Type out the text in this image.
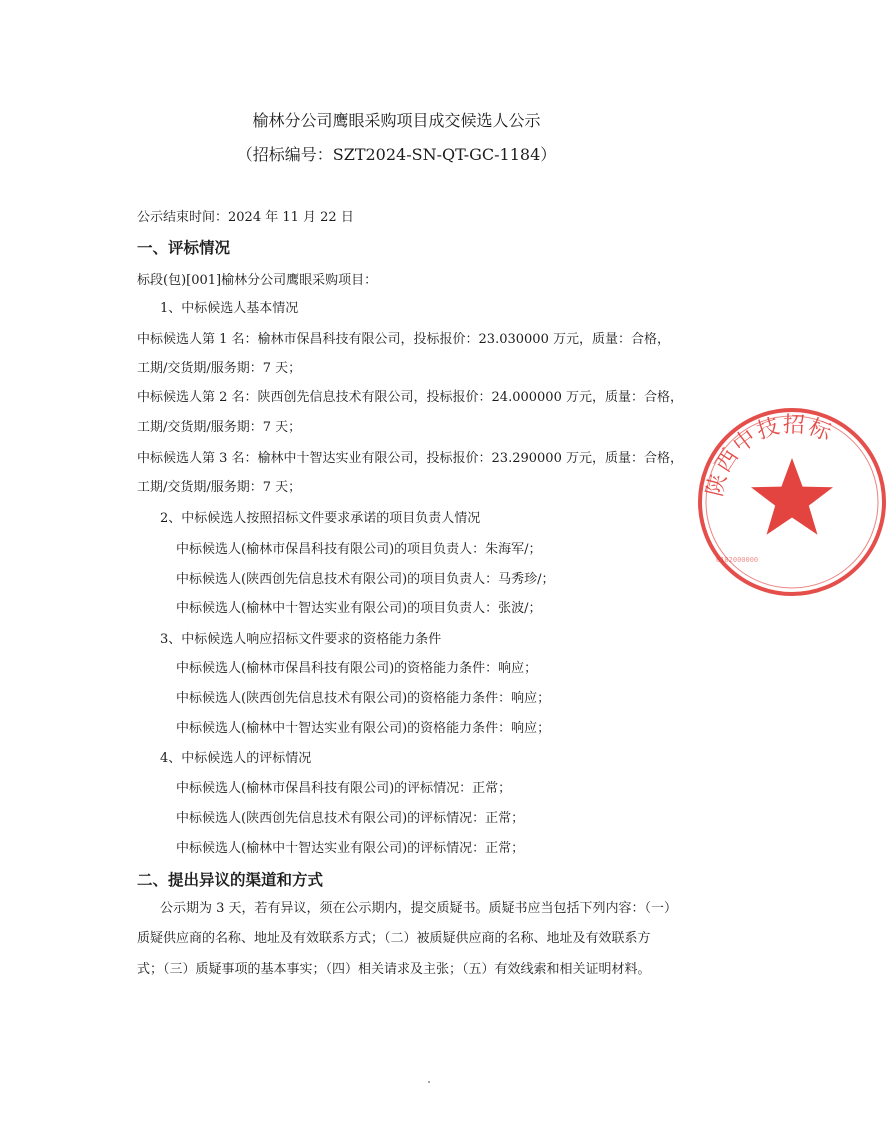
榆林分公司鹰眼采购项目成交候选人公示
（招标编号：SZT2024-SN-QT-GC-1184）
公示结束时间：2024 年 11 月 22 日
一、评标情况
标段(包)[001]榆林分公司鹰眼采购项目：
1、中标候选人基本情况
中标候选人第 1 名：榆林市保昌科技有限公司，投标报价：23.030000 万元，质量：合格，
工期/交货期/服务期：7 天；
中标候选人第 2 名：陕西创先信息技术有限公司，投标报价：24.000000 万元，质量：合格，
工期/交货期/服务期：7 天；
中标候选人第 3 名：榆林中十智达实业有限公司，投标报价：23.290000 万元，质量：合格，
工期/交货期/服务期：7 天；
2、中标候选人按照招标文件要求承诺的项目负责人情况
中标候选人(榆林市保昌科技有限公司)的项目负责人：朱海军/；
中标候选人(陕西创先信息技术有限公司)的项目负责人：马秀珍/；
中标候选人(榆林中十智达实业有限公司)的项目负责人：张波/；
3、中标候选人响应招标文件要求的资格能力条件
中标候选人(榆林市保昌科技有限公司)的资格能力条件：响应；
中标候选人(陕西创先信息技术有限公司)的资格能力条件：响应；
中标候选人(榆林中十智达实业有限公司)的资格能力条件：响应；
4、中标候选人的评标情况
中标候选人(榆林市保昌科技有限公司)的评标情况：正常；
中标候选人(陕西创先信息技术有限公司)的评标情况：正常；
中标候选人(榆林中十智达实业有限公司)的评标情况：正常；
二、提出异议的渠道和方式
公示期为 3 天，若有异议，须在公示期内，提交质疑书。质疑书应当包括下列内容：（一）
质疑供应商的名称、地址及有效联系方式；（二）被质疑供应商的名称、地址及有效联系方
式；（三）质疑事项的基本事实；（四）相关请求及主张；（五）有效线索和相关证明材料。
陕西中技招标
6102000000
